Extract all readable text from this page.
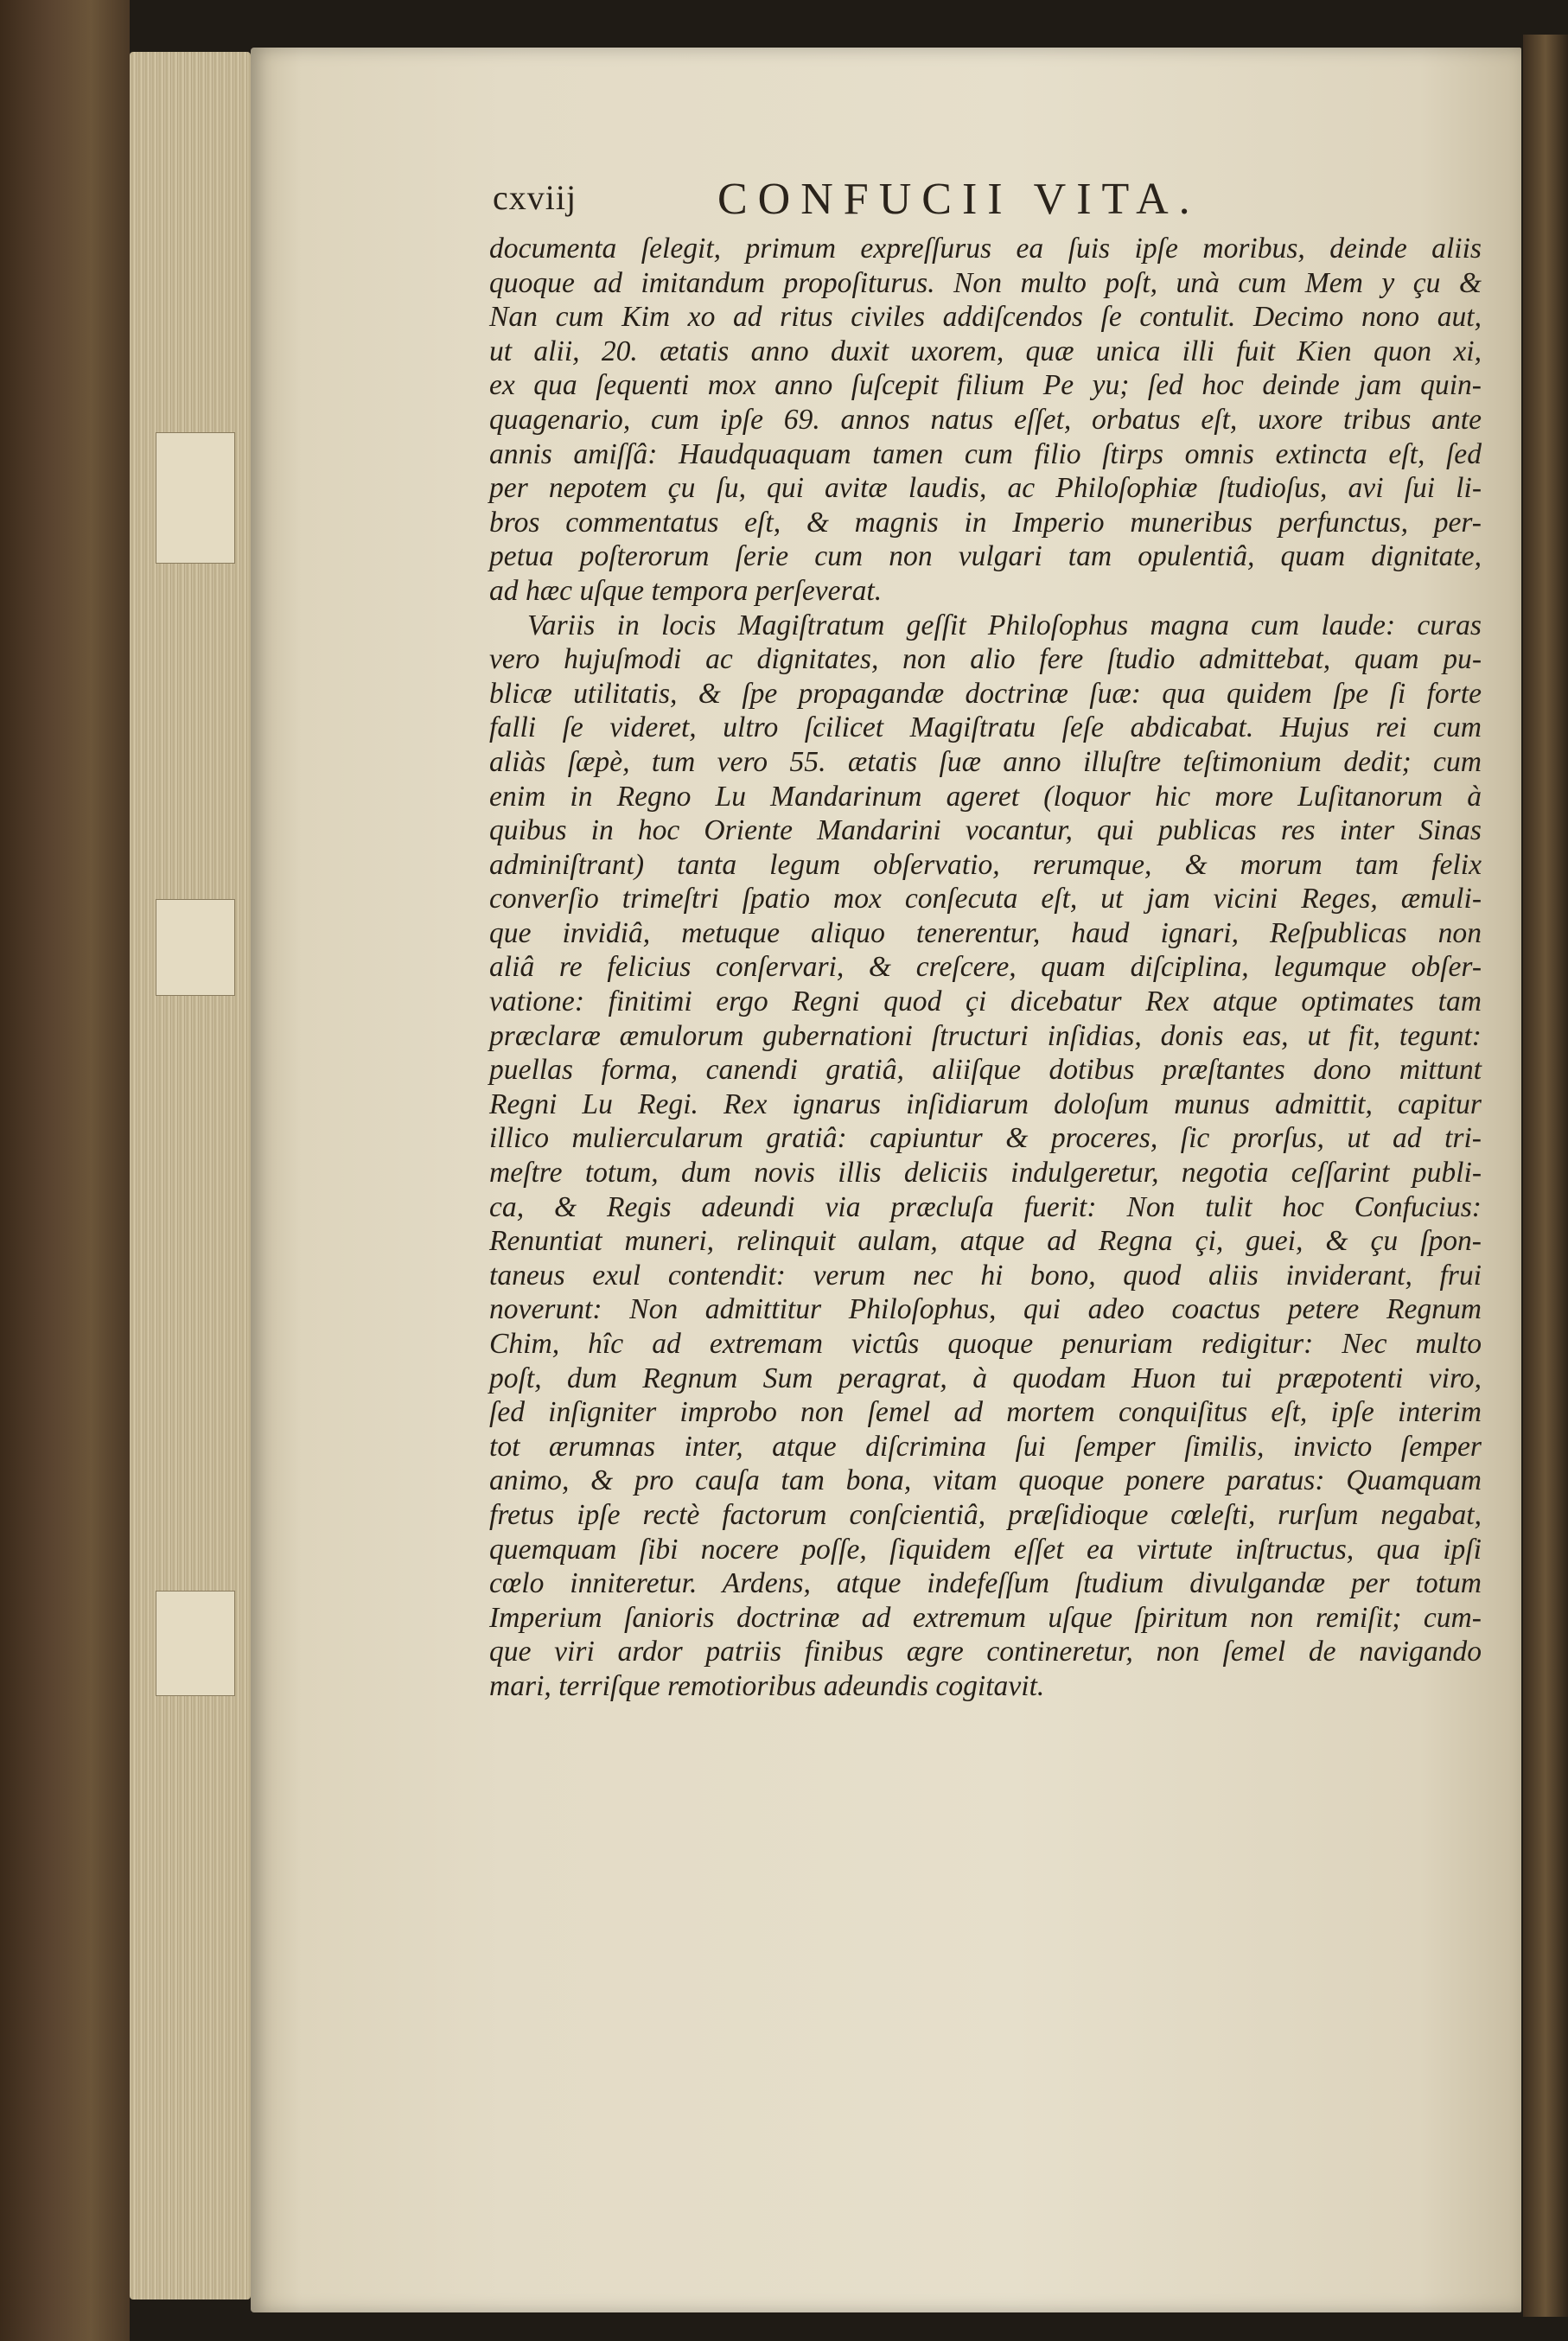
cxviij	CONFUCII VITA.
documenta ſelegit, primum expreſſurus ea ſuis ipſe moribus, deinde aliis
quoque ad imitandum propoſiturus. Non multo poſt, unà cum Mem y çu &
Nan cum Kim xo ad ritus civiles addiſcendos ſe contulit. Decimo nono aut,
ut alii, 20. ætatis anno duxit uxorem, quæ unica illi fuit Kien quon xi,
ex qua ſequenti mox anno ſuſcepit filium Pe yu; ſed hoc deinde jam quin-
quagenario, cum ipſe 69. annos natus eſſet, orbatus eſt, uxore tribus ante
annis amiſſâ: Haudquaquam tamen cum filio ſtirps omnis extincta eſt, ſed
per nepotem çu ſu, qui avitæ laudis, ac Philoſophiæ ſtudioſus, avi ſui li-
bros commentatus eſt, & magnis in Imperio muneribus perfunctus, per-
petua poſterorum ſerie cum non vulgari tam opulentiâ, quam dignitate,
ad hæc uſque tempora perſeverat.
Variis in locis Magiſtratum geſſit Philoſophus magna cum laude: curas
vero hujuſmodi ac dignitates, non alio fere ſtudio admittebat, quam pu-
blicæ utilitatis, & ſpe propagandæ doctrinæ ſuæ: qua quidem ſpe ſi forte
falli ſe videret, ultro ſcilicet Magiſtratu ſeſe abdicabat. Hujus rei cum
aliàs ſæpè, tum vero 55. ætatis ſuæ anno illuſtre teſtimonium dedit; cum
enim in Regno Lu Mandarinum ageret (loquor hic more Luſitanorum à
quibus in hoc Oriente Mandarini vocantur, qui publicas res inter Sinas
adminiſtrant) tanta legum obſervatio, rerumque, & morum tam felix
converſio trimeſtri ſpatio mox conſecuta eſt, ut jam vicini Reges, æmuli-
que invidiâ, metuque aliquo tenerentur, haud ignari, Reſpublicas non
aliâ re felicius conſervari, & creſcere, quam diſciplina, legumque obſer-
vatione: finitimi ergo Regni quod çi dicebatur Rex atque optimates tam
præclaræ æmulorum gubernationi ſtructuri inſidias, donis eas, ut fit, tegunt:
puellas forma, canendi gratiâ, aliiſque dotibus præſtantes dono mittunt
Regni Lu Regi. Rex ignarus inſidiarum doloſum munus admittit, capitur
illico muliercularum gratiâ: capiuntur & proceres, ſic prorſus, ut ad tri-
meſtre totum, dum novis illis deliciis indulgeretur, negotia ceſſarint publi-
ca, & Regis adeundi via præcluſa fuerit: Non tulit hoc Confucius:
Renuntiat muneri, relinquit aulam, atque ad Regna çi, guei, & çu ſpon-
taneus exul contendit: verum nec hi bono, quod aliis inviderant, frui
noverunt: Non admittitur Philoſophus, qui adeo coactus petere Regnum
Chim, hîc ad extremam victûs quoque penuriam redigitur: Nec multo
poſt, dum Regnum Sum peragrat, à quodam Huon tui præpotenti viro,
ſed inſigniter improbo non ſemel ad mortem conquiſitus eſt, ipſe interim
tot ærumnas inter, atque diſcrimina ſui ſemper ſimilis, invicto ſemper
animo, & pro cauſa tam bona, vitam quoque ponere paratus: Quamquam
fretus ipſe rectè factorum conſcientiâ, præſidioque cœleſti, rurſum negabat,
quemquam ſibi nocere poſſe, ſiquidem eſſet ea virtute inſtructus, qua ipſi
cœlo inniteretur. Ardens, atque indefeſſum ſtudium divulgandæ per totum
Imperium ſanioris doctrinæ ad extremum uſque ſpiritum non remiſit; cum-
que viri ardor patriis finibus ægre contineretur, non ſemel de navigando
mari, terriſque remotioribus adeundis cogitavit.
